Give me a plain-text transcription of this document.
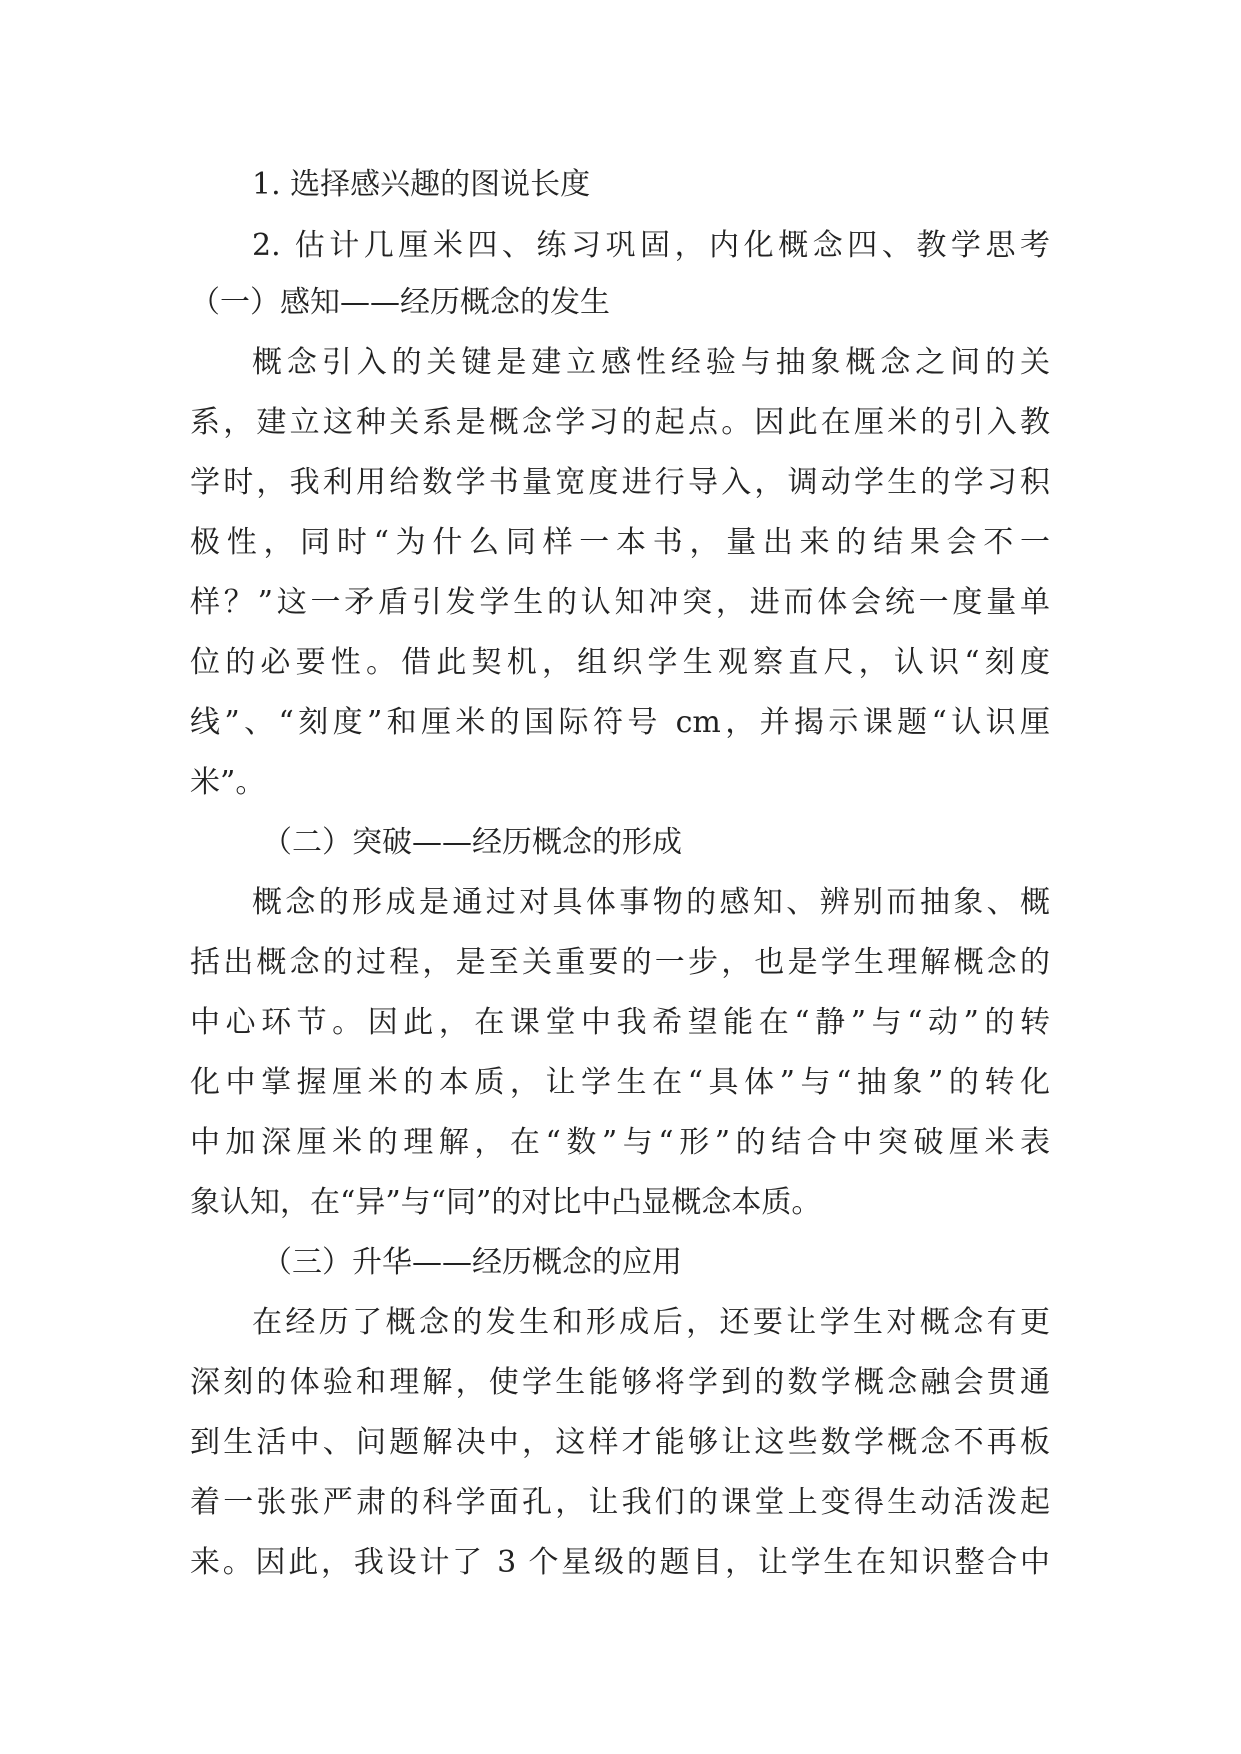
1. 选择感兴趣的图说长度
2. 估计几厘米四、练习巩固，内化概念四、教学思考
（一）感知——经历概念的发生
概念引入的关键是建立感性经验与抽象概念之间的关
系，建立这种关系是概念学习的起点。因此在厘米的引入教
学时，我利用给数学书量宽度进行导入，调动学生的学习积
极性，同时“为什么同样一本书，量出来的结果会不一
样？”这一矛盾引发学生的认知冲突，进而体会统一度量单
位的必要性。借此契机，组织学生观察直尺，认识“刻度
线”、“刻度”和厘米的国际符号 cm，并揭示课题“认识厘
米”。
（二）突破——经历概念的形成
概念的形成是通过对具体事物的感知、辨别而抽象、概
括出概念的过程，是至关重要的一步，也是学生理解概念的
中心环节。因此，在课堂中我希望能在“静”与“动”的转
化中掌握厘米的本质，让学生在“具体”与“抽象”的转化
中加深厘米的理解，在“数”与“形”的结合中突破厘米表
象认知，在“异”与“同”的对比中凸显概念本质。
（三）升华——经历概念的应用
在经历了概念的发生和形成后，还要让学生对概念有更
深刻的体验和理解，使学生能够将学到的数学概念融会贯通
到生活中、问题解决中，这样才能够让这些数学概念不再板
着一张张严肃的科学面孔，让我们的课堂上变得生动活泼起
来。因此，我设计了 3 个星级的题目，让学生在知识整合中
